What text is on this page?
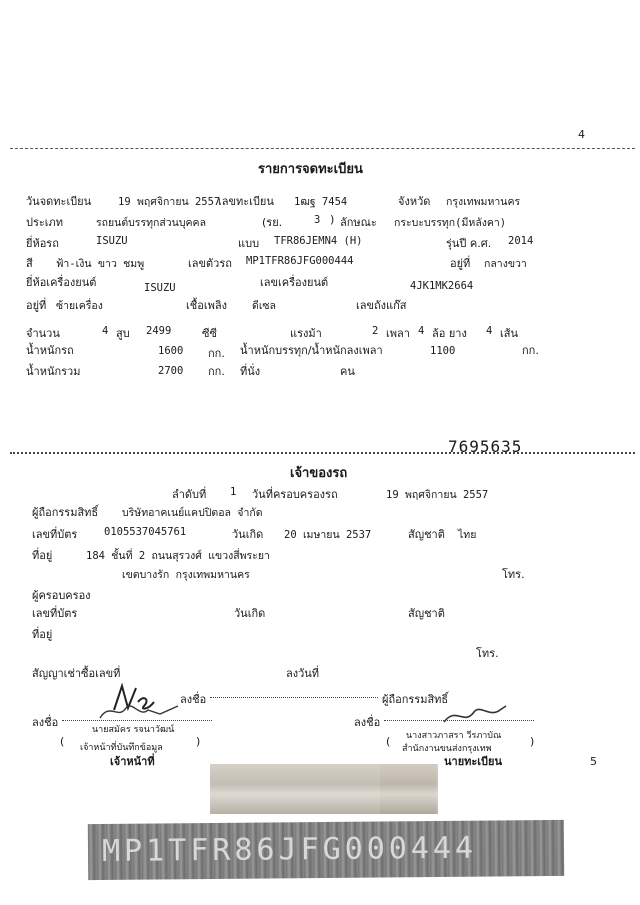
4
รายการจดทะเบียน
วันจดทะเบียน	19 พฤศจิกายน 2557
เลขทะเบียน 1ฒฐ 7454	จังหวัด กรุงเทพมหานคร
ประเภท	รถยนต์บรรทุกส่วนบุคคล	(รย.	3 ) ลักษณะ กระบะบรรทุก(มีหลังคา)
ยี่ห้อรถ	ISUZU	แบบ TFR86JEMN4 (H)	รุ่นปี ค.ศ. 2014
สี ฟ้า-เงิน ขาว ชมพู	เลขตัวรถ MP1TFR86JFG000444	อยู่ที่ กลางขวา
ยี่ห้อเครื่องยนต์	ISUZU	เลขเครื่องยนต์	4JK1MK2664
อยู่ที่ ซ้ายเครื่อง	เชื้อเพลิง ดีเซล	เลขถังแก๊ส
จำนวน	4 สูบ 2499	ซีซี	แรงม้า	2 เพลา 4 ล้อ ยาง 4 เส้น
น้ำหนักรถ	1600 กก. น้ำหนักบรรทุก/น้ำหนักลงเพลา	1100	กก.
น้ำหนักรวม	2700 กก. ที่นั่ง	คน
7695635
เจ้าของรถ
ลำดับที่ 1 วันที่ครอบครองรถ	19 พฤศจิกายน 2557
ผู้ถือกรรมสิทธิ์ บริษัทอาคเนย์แคปปิตอล จำกัด
เลขที่บัตร	0105537045761	วันเกิด 20 เมษายน 2537	สัญชาติ ไทย
ที่อยู่	184 ชั้นที่ 2 ถนนสุรวงศ์ แขวงสี่พระยา
เขตบางรัก กรุงเทพมหานคร	โทร.
ผู้ครอบครอง
เลขที่บัตร	วันเกิด	สัญชาติ
ที่อยู่
โทร.
สัญญาเช่าซื้อเลขที่	ลงวันที่
ลงชื่อ	ผู้ถือกรรมสิทธิ์
ลงชื่อ
นายสมัคร รจนาวัฒน์
(	)
เจ้าหน้าที่บันทึกข้อมูล
เจ้าหน้าที่
ลงชื่อ
นางสาวภาสรา วีรภาบัณ
(	)
สำนักงานขนส่งกรุงเทพ
นายทะเบียน	5
MP1TFR86JFG000444
